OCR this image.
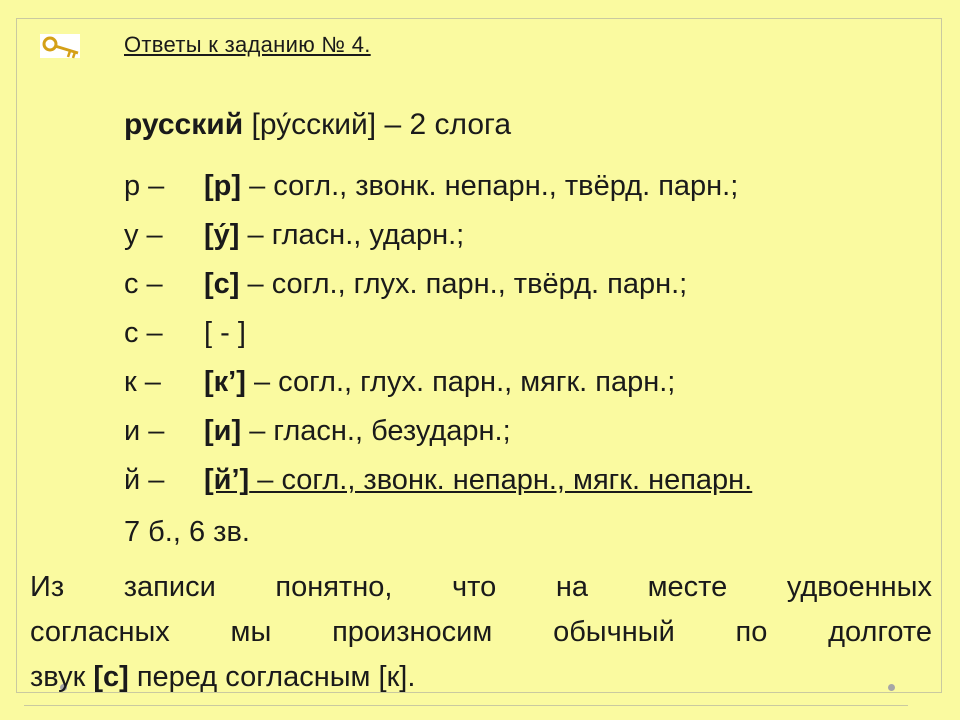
Ответы к заданию № 4.
русский [ру́сский] – 2 слога
р – [р] – согл., звонк. непарн., твёрд. парн.;
у – [у́] – гласн., ударн.;
с – [с] – согл., глух. парн., твёрд. парн.;
с – [ - ]
к – [к’] – согл., глух. парн., мягк. парн.;
и – [и] – гласн., безударн.;
й – [й’] – согл., звонк. непарн., мягк. непарн.
7 б., 6 зв.
Из записи понятно, что на месте удвоенных
согласных мы произносим обычный по долготе
звук [с] перед согласным [к].
